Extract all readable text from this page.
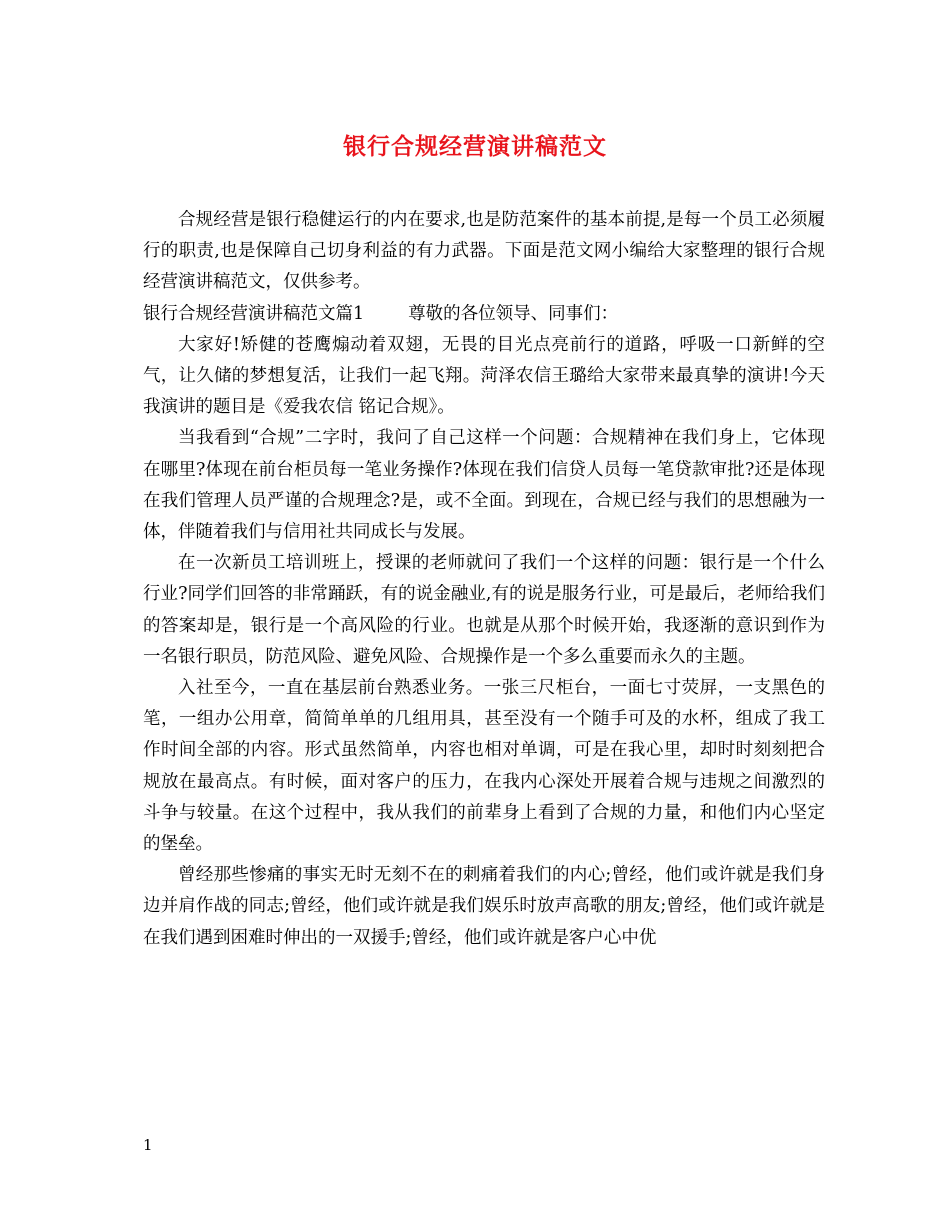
银行合规经营演讲稿范文

合规经营是银行稳健运行的内在要求,也是防范案件的基本前提,是每一个员工必须履行的职责,也是保障自己切身利益的有力武器。下面是范文网小编给大家整理的银行合规经营演讲稿范文，仅供参考。

银行合规经营演讲稿范文篇1	尊敬的各位领导、同事们：

大家好!矫健的苍鹰煽动着双翅，无畏的目光点亮前行的道路，呼吸一口新鲜的空气，让久储的梦想复活，让我们一起飞翔。菏泽农信王璐给大家带来最真挚的演讲!今天我演讲的题目是《爱我农信 铭记合规》。

当我看到“合规”二字时，我问了自己这样一个问题：合规精神在我们身上，它体现在哪里?体现在前台柜员每一笔业务操作?体现在我们信贷人员每一笔贷款审批?还是体现在我们管理人员严谨的合规理念?是，或不全面。到现在，合规已经与我们的思想融为一体，伴随着我们与信用社共同成长与发展。

在一次新员工培训班上，授课的老师就问了我们一个这样的问题：银行是一个什么行业?同学们回答的非常踊跃，有的说金融业,有的说是服务行业，可是最后，老师给我们的答案却是，银行是一个高风险的行业。也就是从那个时候开始，我逐渐的意识到作为一名银行职员，防范风险、避免风险、合规操作是一个多么重要而永久的主题。

入社至今，一直在基层前台熟悉业务。一张三尺柜台，一面七寸荧屏，一支黑色的笔，一组办公用章，简简单单的几组用具，甚至没有一个随手可及的水杯，组成了我工作时间全部的内容。形式虽然简单，内容也相对单调，可是在我心里，却时时刻刻把合规放在最高点。有时候，面对客户的压力，在我内心深处开展着合规与违规之间激烈的斗争与较量。在这个过程中，我从我们的前辈身上看到了合规的力量，和他们内心坚定的堡垒。

曾经那些惨痛的事实无时无刻不在的刺痛着我们的内心;曾经，他们或许就是我们身边并肩作战的同志;曾经，他们或许就是我们娱乐时放声高歌的朋友;曾经，他们或许就是在我们遇到困难时伸出的一双援手;曾经，他们或许就是客户心中优

1
